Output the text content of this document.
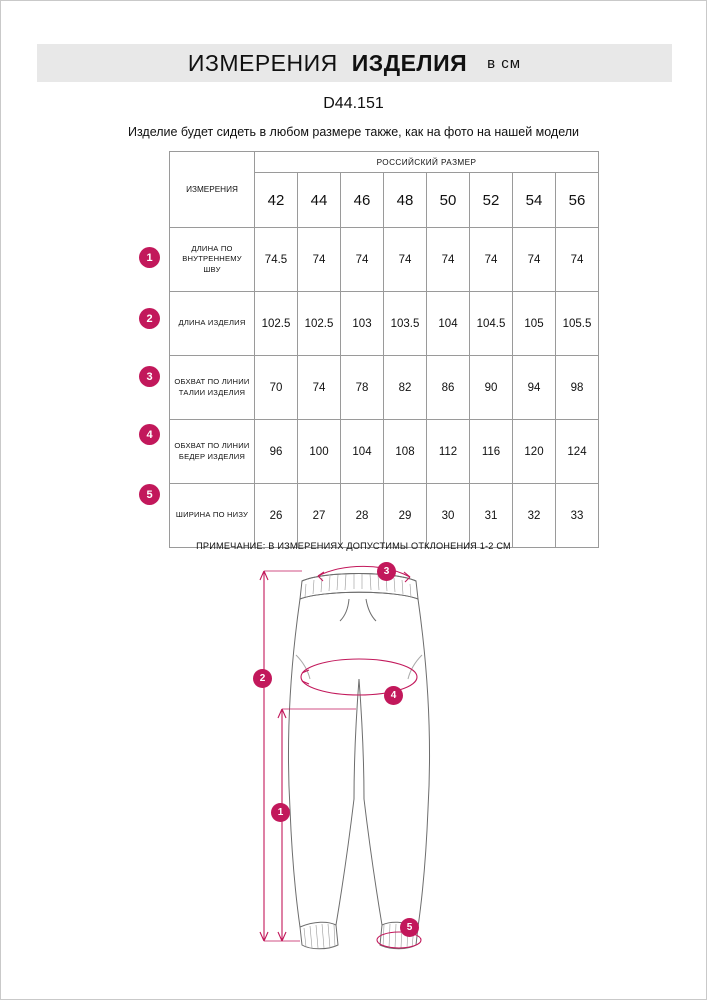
ИЗМЕРЕНИЯ ИЗДЕЛИЯ в см
D44.151
Изделие будет сидеть в любом размере также, как на фото на нашей модели
ИЗМЕРЕНИЯ	РОССИЙСКИЙ РАЗМЕР							
	42	44	46	48	50	52	54	56
ДЛИНА ПО ВНУТРЕННЕМУ ШВУ	74.5	74	74	74	74	74	74	74
ДЛИНА ИЗДЕЛИЯ	102.5	102.5	103	103.5	104	104.5	105	105.5
ОБХВАТ ПО ЛИНИИ ТАЛИИ ИЗДЕЛИЯ	70	74	78	82	86	90	94	98
ОБХВАТ ПО ЛИНИИ БЕДЕР ИЗДЕЛИЯ	96	100	104	108	112	116	120	124
ШИРИНА ПО НИЗУ	26	27	28	29	30	31	32	33
1
2
3
4
5
ПРИМЕЧАНИЕ: В ИЗМЕРЕНИЯХ ДОПУСТИМЫ ОТКЛОНЕНИЯ 1-2 СМ
3
2
4
1
5
